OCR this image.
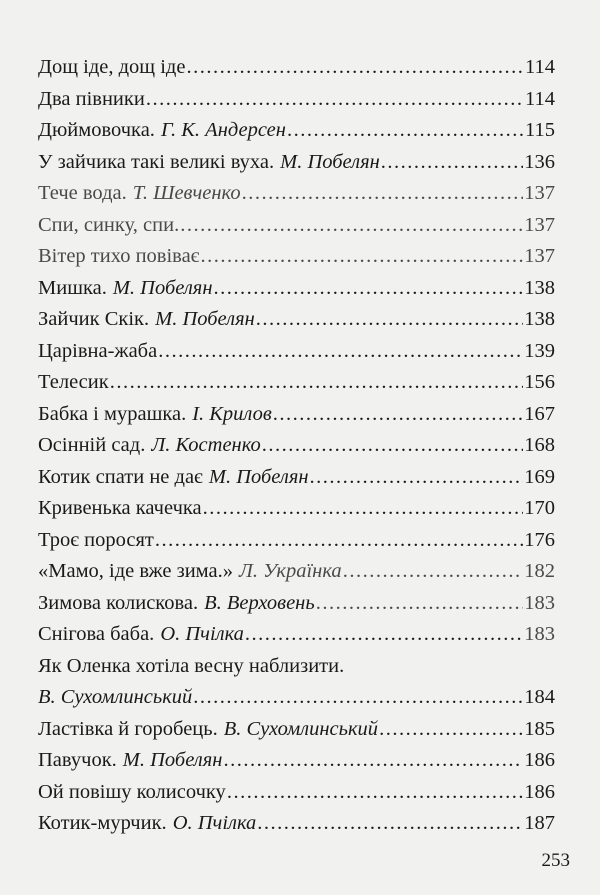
Дощ іде, дощ іде .....	114
Два півники .....	114
Дюймовочка. Г. К. Андерсен .....	115
У зайчика такі великі вуха. М. Побелян .....	136
Тече вода. Т. Шевченко .....	137
Спи, синку, спи. .....	137
Вітер тихо повіває .....	137
Мишка. М. Побелян .....	138
Зайчик Скік. М. Побелян .....	138
Царівна-жаба .....	139
Телесик .....	156
Бабка і мурашка. І. Крилов .....	167
Осінній сад. Л. Костенко .....	168
Котик спати не дає М. Побелян .....	169
Кривенька качечка .....	170
Троє поросят .....	176
«Мамо, іде вже зима.» Л. Українка .....	182
Зимова колискова. В. Верховень .....	183
Снігова баба. О. Пчілка .....	183
Як Оленка хотіла весну наблизити.
В. Сухомлинський .....	184
Ластівка й горобець. В. Сухомлинський .....	185
Павучок. М. Побелян .....	186
Ой повішу колисочку .....	186
Котик-мурчик. О. Пчілка .....	187
253
